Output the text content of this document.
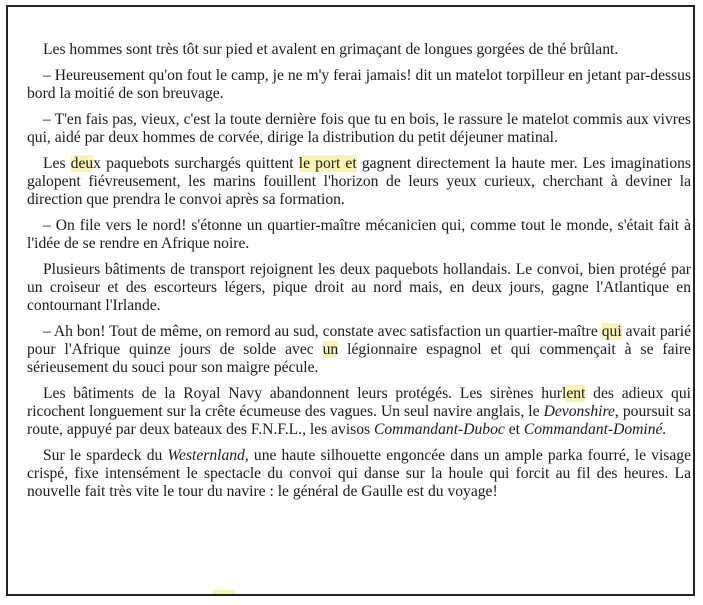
Les hommes sont très tôt sur pied et avalent en grimaçant de longues gorgées de thé brûlant.

– Heureusement qu'on fout le camp, je ne m'y ferai jamais! dit un matelot torpilleur en jetant par-dessus bord la moitié de son breuvage.

– T'en fais pas, vieux, c'est la toute dernière fois que tu en bois, le rassure le matelot commis aux vivres qui, aidé par deux hommes de corvée, dirige la distribution du petit déjeuner matinal.

Les deux paquebots surchargés quittent le port et gagnent directement la haute mer. Les imaginations galopent fiévreusement, les marins fouillent l'horizon de leurs yeux curieux, cherchant à deviner la direction que prendra le convoi après sa formation.

– On file vers le nord! s'étonne un quartier-maître mécanicien qui, comme tout le monde, s'était fait à l'idée de se rendre en Afrique noire.

Plusieurs bâtiments de transport rejoignent les deux paquebots hollandais. Le convoi, bien protégé par un croiseur et des escorteurs légers, pique droit au nord mais, en deux jours, gagne l'Atlantique en contournant l'Irlande.

– Ah bon! Tout de même, on remord au sud, constate avec satisfaction un quartier-maître qui avait parié pour l'Afrique quinze jours de solde avec un légionnaire espagnol et qui commençait à se faire sérieusement du souci pour son maigre pécule.

Les bâtiments de la Royal Navy abandonnent leurs protégés. Les sirènes hurlent des adieux qui ricochent longuement sur la crête écumeuse des vagues. Un seul navire anglais, le Devonshire, poursuit sa route, appuyé par deux bateaux des F.N.F.L., les avisos Commandant-Duboc et Commandant-Dominé.

Sur le spardeck du Westernland, une haute silhouette engoncée dans un ample parka fourré, le visage crispé, fixe intensément le spectacle du convoi qui danse sur la houle qui forcit au fil des heures. La nouvelle fait très vite le tour du navire : le général de Gaulle est du voyage!
